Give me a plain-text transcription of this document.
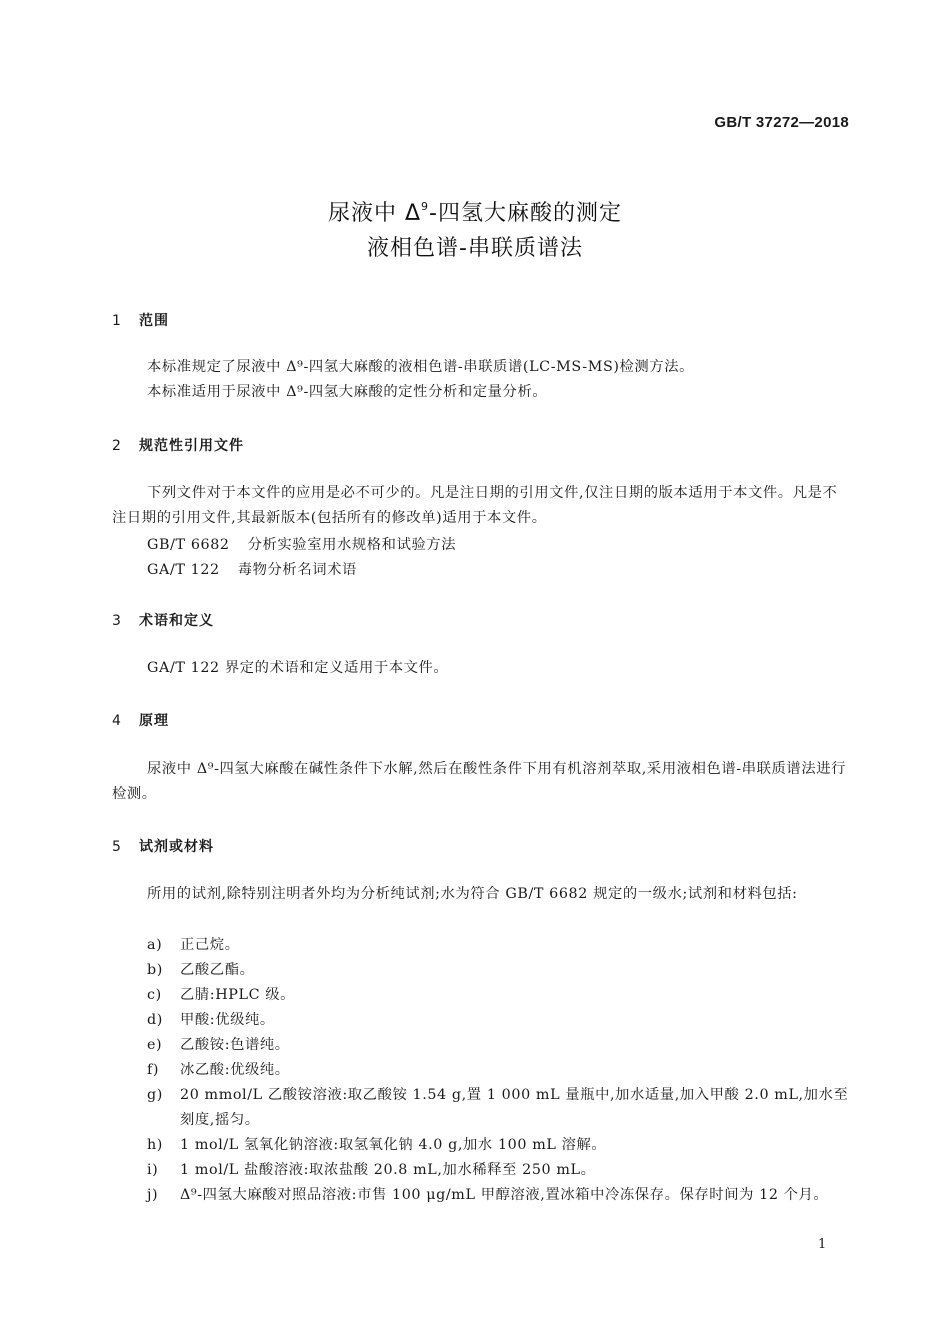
GB/T 37272—2018
尿液中 $\Delta^9-$四氢大麻酸的测定
液相色谱-串联质谱法
1 范围
本标准规定了尿液中 Δ⁹-四氢大麻酸的液相色谱-串联质谱(LC-MS-MS)检测方法。
本标准适用于尿液中 Δ⁹-四氢大麻酸的定性分析和定量分析。
2 规范性引用文件
下列文件对于本文件的应用是必不可少的。凡是注日期的引用文件,仅注日期的版本适用于本文件。凡是不注日期的引用文件,其最新版本(包括所有的修改单)适用于本文件。
GB/T 6682 分析实验室用水规格和试验方法
GA/T 122 毒物分析名词术语
3 术语和定义
GA/T 122 界定的术语和定义适用于本文件。
4 原理
尿液中 Δ⁹-四氢大麻酸在碱性条件下水解,然后在酸性条件下用有机溶剂萃取,采用液相色谱-串联质谱法进行检测。
5 试剂或材料
所用的试剂,除特别注明者外均为分析纯试剂;水为符合 GB/T 6682 规定的一级水;试剂和材料包括:
a) 正己烷。
b) 乙酸乙酯。
c) 乙腈:HPLC 级。
d) 甲酸:优级纯。
e) 乙酸铵:色谱纯。
f) 冰乙酸:优级纯。
g) 20 mmol/L 乙酸铵溶液:取乙酸铵 1.54 g,置 1 000 mL 量瓶中,加水适量,加入甲酸 2.0 mL,加水至刻度,摇匀。
h) 1 mol/L 氢氧化钠溶液:取氢氧化钠 4.0 g,加水 100 mL 溶解。
i) 1 mol/L 盐酸溶液:取浓盐酸 20.8 mL,加水稀释至 250 mL。
j) Δ⁹-四氢大麻酸对照品溶液:市售 100 μg/mL 甲醇溶液,置冰箱中冷冻保存。保存时间为 12 个月。
1
